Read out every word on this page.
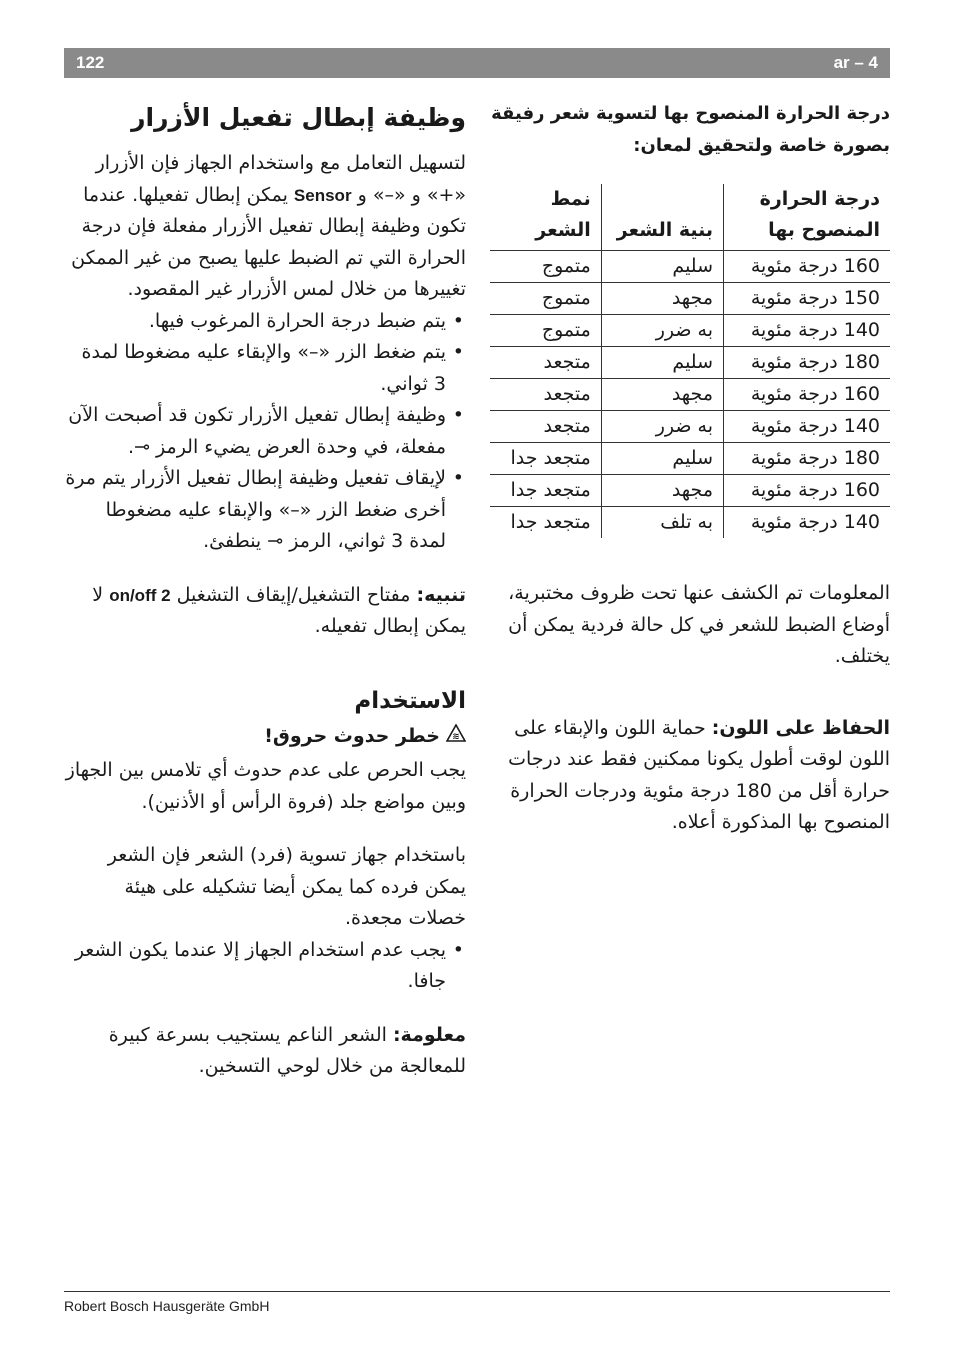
122	ar – 4
وظيفة إبطال تفعيل الأزرار

لتسهيل التعامل مع واستخدام الجهاز فإن الأزرار «+» و «–» و Sensor يمكن إبطال تفعيلها. عندما تكون وظيفة إبطال تفعيل الأزرار مفعلة فإن درجة الحرارة التي تم الضبط عليها يصبح من غير الممكن تغييرها من خلال لمس الأزرار غير المقصود.

• يتم ضبط درجة الحرارة المرغوب فيها.
• يتم ضغط الزر «–» والإبقاء عليه مضغوطا لمدة 3 ثواني.
• وظيفة إبطال تفعيل الأزرار تكون قد أصبحت الآن مفعلة، في وحدة العرض يضيء الرمز ⊸.
• لإيقاف تفعيل وظيفة إبطال تفعيل الأزرار يتم مرة أخرى ضغط الزر «–» والإبقاء عليه مضغوطا لمدة 3 ثواني، الرمز ⊸ ينطفئ.

تنبيه: مفتاح التشغيل/إيقاف التشغيل on/off 2 لا يمكن إبطال تفعيله.

الاستخدام
≋
خطر حدوث حروق!

يجب الحرص على عدم حدوث أي تلامس بين الجهاز وبين مواضع جلد (فروة الرأس أو الأذنين).

باستخدام جهاز تسوية (فرد) الشعر فإن الشعر يمكن فرده كما يمكن أيضا تشكيله على هيئة خصلات مجعدة.

• يجب عدم استخدام الجهاز إلا عندما يكون الشعر جافا.

معلومة: الشعر الناعم يستجيب بسرعة كبيرة للمعالجة من خلال لوحي التسخين.

درجة الحرارة المنصوح بها لتسوية شعر رفيقة بصورة خاصة ولتحقيق لمعان:
درجة الحرارة المنصوح بها	بنية الشعر	نمط الشعر
160 درجة مئوية	سليم	متموج
150 درجة مئوية	مجهد	متموج
140 درجة مئوية	به ضرر	متموج
180 درجة مئوية	سليم	متجعد
160 درجة مئوية	مجهد	متجعد
140 درجة مئوية	به ضرر	متجعد
180 درجة مئوية	سليم	متجعد جدا
160 درجة مئوية	مجهد	متجعد جدا
140 درجة مئوية	به تلف	متجعد جدا

المعلومات تم الكشف عنها تحت ظروف مختبرية، أوضاع الضبط للشعر في كل حالة فردية يمكن أن يختلف.

الحفاظ على اللون: حماية اللون والإبقاء على اللون لوقت أطول يكونا ممكنين فقط عند درجات حرارة أقل من 180 درجة مئوية ودرجات الحرارة المنصوح بها المذكورة أعلاه.

Robert Bosch Hausgeräte GmbH
